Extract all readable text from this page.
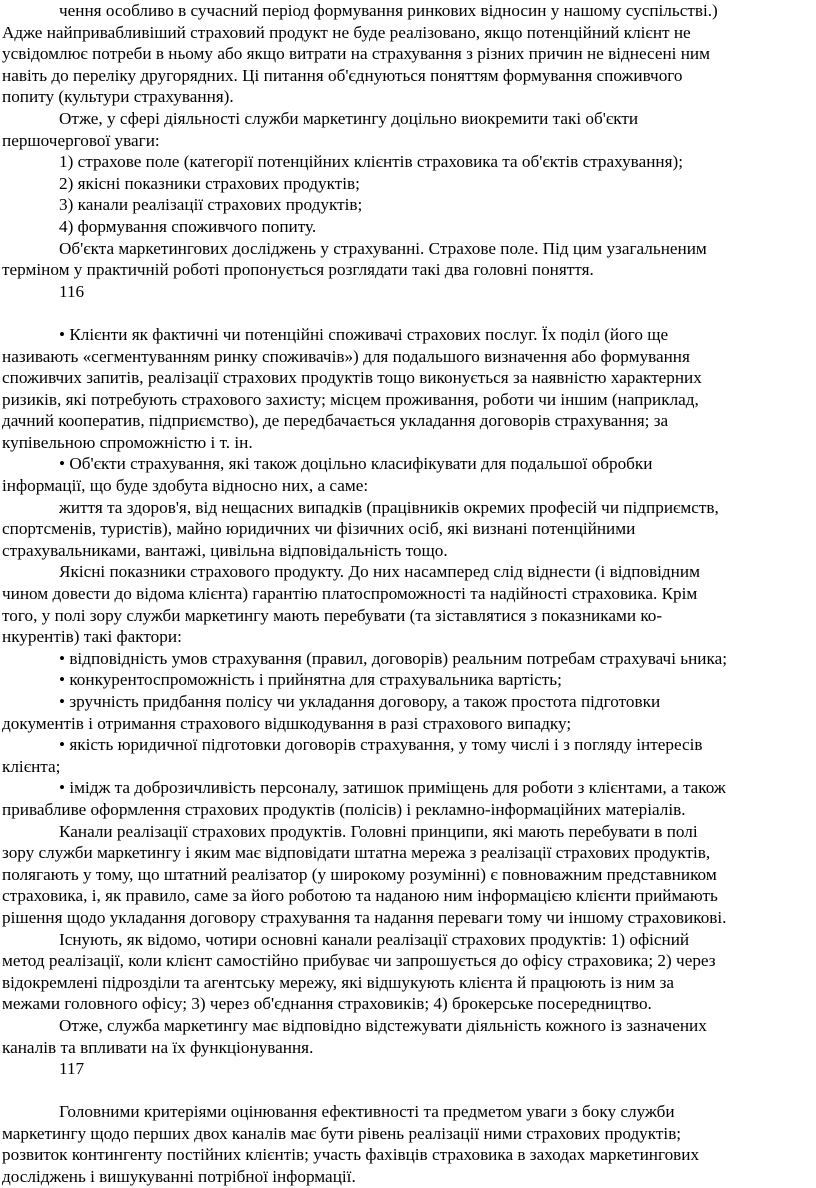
чення особливо в сучасний період формування ринкових відносин у нашому суспільстві.)
Адже найпривабливіший страховий продукт не буде реалізовано, якщо потенційний клієнт не
усвідомлює потреби в ньому або якщо витрати на страхування з різних причин не віднесені ним
навіть до переліку другорядних. Ці питання об'єднуються поняттям формування споживчого
попиту (культури страхування).
Отже, у сфері діяльності служби маркетингу доцільно виокремити такі об'єкти
першочергової уваги:
1) страхове поле (категорії потенційних клієнтів страховика та об'єктів страхування);
2) якісні показники страхових продуктів;
3) канали реалізації страхових продуктів;
4) формування споживчого попиту.
Об'єкта маркетингових досліджень у страхуванні. Страхове поле. Під цим узагальненим
терміном у практичній роботі пропонується розглядати такі два головні поняття.
116
• Клієнти як фактичні чи потенційні споживачі страхових послуг. Їх поділ (його ще
називають «сегментуванням ринку споживачів») для подальшого визначення або формування
споживчих запитів, реалізації страхових продуктів тощо виконується за наявністю характерних
ризиків, які потребують страхового захисту; місцем проживання, роботи чи іншим (наприклад,
дачний кооператив, підприємство), де передбачається укладання договорів страхування; за
купівельною спроможністю і т. ін.
• Об'єкти страхування, які також доцільно класифікувати для подальшої обробки
інформації, що буде здобута відносно них, а саме:
життя та здоров'я, від нещасних випадків (працівників окремих професій чи підприємств,
спортсменів, туристів), майно юридичних чи фізичних осіб, які визнані потенційними
страхувальниками, вантажі, цивільна відповідальність тощо.
Якісні показники страхового продукту. До них насамперед слід віднести (і відповідним
чином довести до відома клієнта) гарантію платоспроможності та надійності страховика. Крім
того, у полі зору служби маркетингу мають перебувати (та зіставлятися з показниками ко-
нкурентів) такі фактори:
• відповідність умов страхування (правил, договорів) реальним потребам страхувачі ьника;
• конкурентоспроможність і прийнятна для страхувальника вартість;
• зручність придбання полісу чи укладання договору, а також простота підготовки
документів і отримання страхового відшкодування в разі страхового випадку;
• якість юридичної підготовки договорів страхування, у тому числі і з погляду інтересів
клієнта;
• імідж та доброзичливість персоналу, затишок приміщень для роботи з клієнтами, а також
привабливе оформлення страхових продуктів (полісів) і рекламно-інформаційних матеріалів.
Канали реалізації страхових продуктів. Головні принципи, які мають перебувати в полі
зору служби маркетингу і яким має відповідати штатна мережа з реалізації страхових продуктів,
полягають у тому, що штатний реалізатор (у широкому розумінні) є повноважним представником
страховика, і, як правило, саме за його роботою та наданою ним інформацією клієнти приймають
рішення щодо укладання договору страхування та надання переваги тому чи іншому страховикові.
Існують, як відомо, чотири основні канали реалізації страхових продуктів: 1) офісний
метод реалізації, коли клієнт самостійно прибуває чи запрошується до офісу страховика; 2) через
відокремлені підрозділи та агентську мережу, які відшукують клієнта й працюють із ним за
межами головного офісу; 3) через об'єднання страховиків; 4) брокерське посередництво.
Отже, служба маркетингу має відповідно відстежувати діяльність кожного із зазначених
каналів та впливати на їх функціонування.
117
Головними критеріями оцінювання ефективності та предметом уваги з боку служби
маркетингу щодо перших двох каналів має бути рівень реалізації ними страхових продуктів;
розвиток контингенту постійних клієнтів; участь фахівців страховика в заходах маркетингових
досліджень і вишукуванні потрібної інформації.
